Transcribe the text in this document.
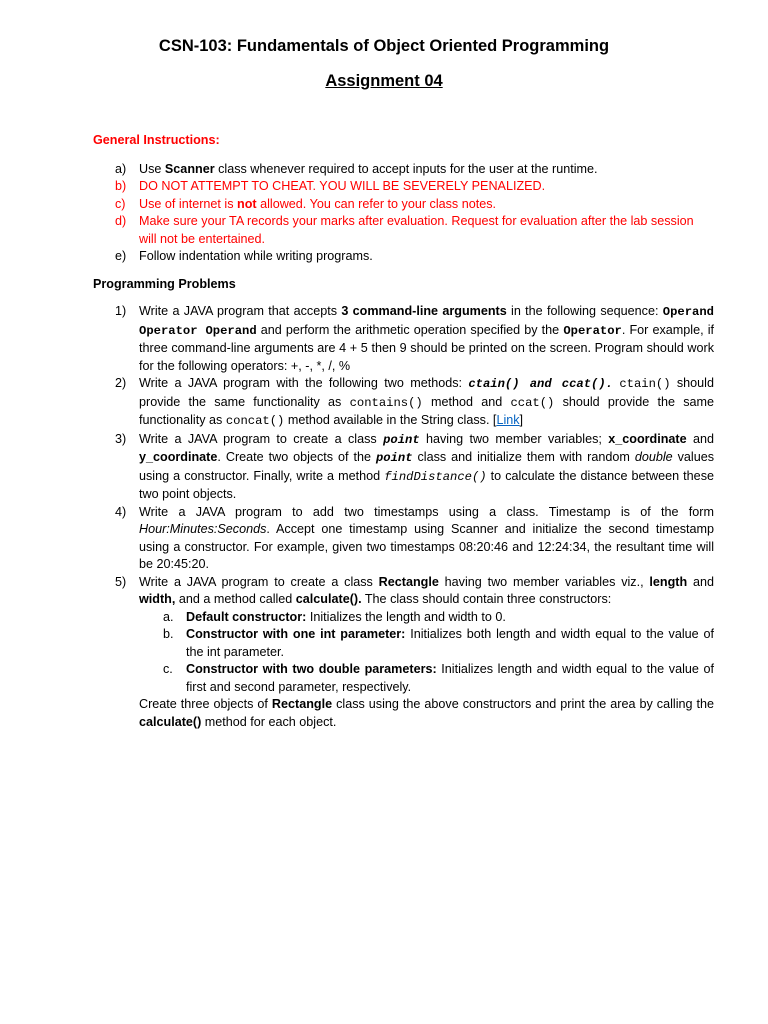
CSN-103: Fundamentals of Object Oriented Programming
Assignment 04
General Instructions:
a) Use Scanner class whenever required to accept inputs for the user at the runtime.
b) DO NOT ATTEMPT TO CHEAT. YOU WILL BE SEVERELY PENALIZED.
c) Use of internet is not allowed. You can refer to your class notes.
d) Make sure your TA records your marks after evaluation. Request for evaluation after the lab session will not be entertained.
e) Follow indentation while writing programs.
Programming Problems
1) Write a JAVA program that accepts 3 command-line arguments in the following sequence: Operand Operator Operand and perform the arithmetic operation specified by the Operator. For example, if three command-line arguments are 4 + 5 then 9 should be printed on the screen. Program should work for the following operators: +, -, *, /, %
2) Write a JAVA program with the following two methods: ctain() and ccat(). ctain() should provide the same functionality as contains() method and ccat() should provide the same functionality as concat() method available in the String class. [Link]
3) Write a JAVA program to create a class point having two member variables; x_coordinate and y_coordinate. Create two objects of the point class and initialize them with random double values using a constructor. Finally, write a method findDistance() to calculate the distance between these two point objects.
4) Write a JAVA program to add two timestamps using a class. Timestamp is of the form Hour:Minutes:Seconds. Accept one timestamp using Scanner and initialize the second timestamp using a constructor. For example, given two timestamps 08:20:46 and 12:24:34, the resultant time will be 20:45:20.
5) Write a JAVA program to create a class Rectangle having two member variables viz., length and width, and a method called calculate(). The class should contain three constructors:
a. Default constructor: Initializes the length and width to 0.
b. Constructor with one int parameter: Initializes both length and width equal to the value of the int parameter.
c. Constructor with two double parameters: Initializes length and width equal to the value of first and second parameter, respectively.
Create three objects of Rectangle class using the above constructors and print the area by calling the calculate() method for each object.
